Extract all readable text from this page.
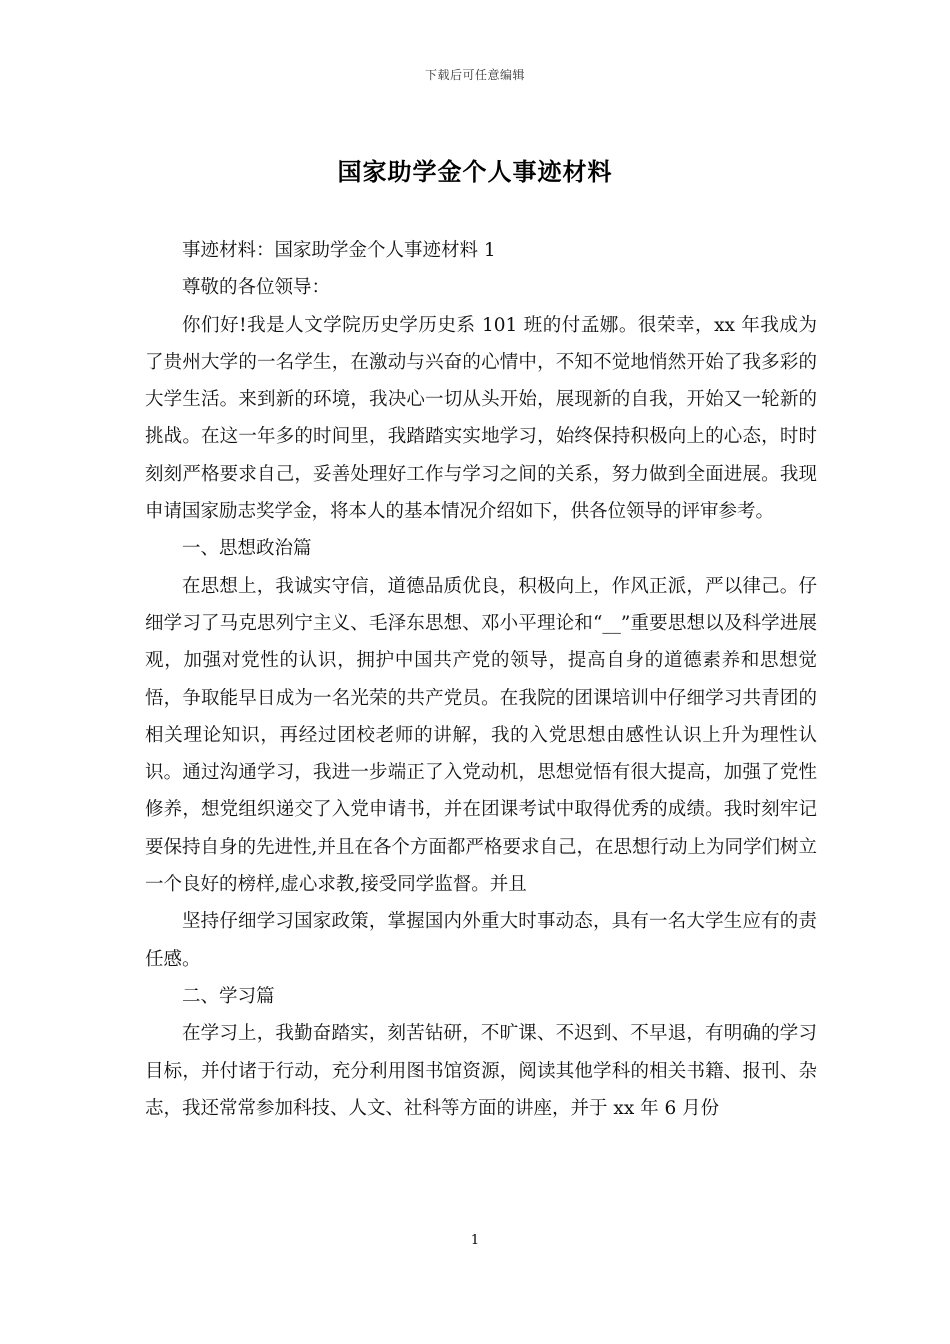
下载后可任意编辑
国家助学金个人事迹材料

事迹材料：国家助学金个人事迹材料 1

尊敬的各位领导：

你们好!我是人文学院历史学历史系 101 班的付孟娜。很荣幸，xx 年我成为了贵州大学的一名学生，在激动与兴奋的心情中，不知不觉地悄然开始了我多彩的大学生活。来到新的环境，我决心一切从头开始，展现新的自我，开始又一轮新的挑战。在这一年多的时间里，我踏踏实实地学习，始终保持积极向上的心态，时时刻刻严格要求自己，妥善处理好工作与学习之间的关系，努力做到全面进展。我现申请国家励志奖学金，将本人的基本情况介绍如下，供各位领导的评审参考。

一、思想政治篇

在思想上，我诚实守信，道德品质优良，积极向上，作风正派，严以律己。仔细学习了马克思列宁主义、毛泽东思想、邓小平理论和“__”重要思想以及科学进展观，加强对党性的认识，拥护中国共产党的领导，提高自身的道德素养和思想觉悟，争取能早日成为一名光荣的共产党员。在我院的团课培训中仔细学习共青团的相关理论知识，再经过团校老师的讲解，我的入党思想由感性认识上升为理性认识。通过沟通学习，我进一步端正了入党动机，思想觉悟有很大提高，加强了党性修养，想党组织递交了入党申请书，并在团课考试中取得优秀的成绩。我时刻牢记要保持自身的先进性,并且在各个方面都严格要求自己，在思想行动上为同学们树立一个良好的榜样,虚心求教,接受同学监督。并且

坚持仔细学习国家政策，掌握国内外重大时事动态，具有一名大学生应有的责任感。

二、学习篇

在学习上，我勤奋踏实，刻苦钻研，不旷课、不迟到、不早退，有明确的学习目标，并付诸于行动，充分利用图书馆资源，阅读其他学科的相关书籍、报刊、杂志，我还常常参加科技、人文、社科等方面的讲座，并于 xx 年 6 月份

1
